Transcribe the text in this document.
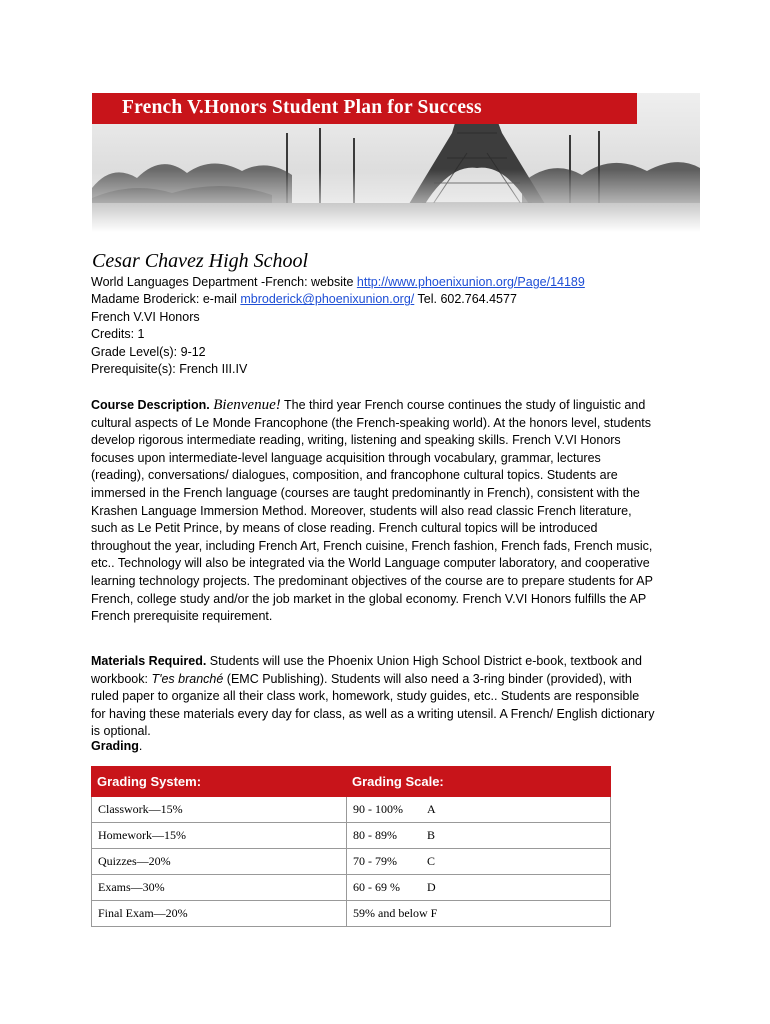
French V.Honors Student Plan for Success
Cesar Chavez High School
World Languages Department -French: website http://www.phoenixunion.org/Page/14189
Madame Broderick: e-mail mbroderick@phoenixunion.org/ Tel. 602.764.4577
French V.VI Honors
Credits: 1
Grade Level(s): 9-12
Prerequisite(s): French III.IV
Course Description. Bienvenue! The third year French course continues the study of linguistic and cultural aspects of Le Monde Francophone (the French-speaking world). At the honors level, students develop rigorous intermediate reading, writing, listening and speaking skills. French V.VI Honors focuses upon intermediate-level language acquisition through vocabulary, grammar, lectures (reading), conversations/ dialogues, composition, and francophone cultural topics. Students are immersed in the French language (courses are taught predominantly in French), consistent with the Krashen Language Immersion Method. Moreover, students will also read classic French literature, such as Le Petit Prince, by means of close reading. French cultural topics will be introduced throughout the year, including French Art, French cuisine, French fashion, French fads, French music, etc.. Technology will also be integrated via the World Language computer laboratory, and cooperative learning technology projects. The predominant objectives of the course are to prepare students for AP French, college study and/or the job market in the global economy. French V.VI Honors fulfills the AP French prerequisite requirement.
Materials Required. Students will use the Phoenix Union High School District e-book, textbook and workbook: T'es branché (EMC Publishing). Students will also need a 3-ring binder (provided), with ruled paper to organize all their class work, homework, study guides, etc.. Students are responsible for having these materials every day for class, as well as a writing utensil. A French/ English dictionary is optional.
Grading.
Grading System:	Grading Scale:
Classwork—15%	90 - 100% A
Homework—15%	80 - 89% B
Quizzes—20%	70 - 79% C
Exams—30%	60 - 69 % D
Final Exam—20%	59% and below F
